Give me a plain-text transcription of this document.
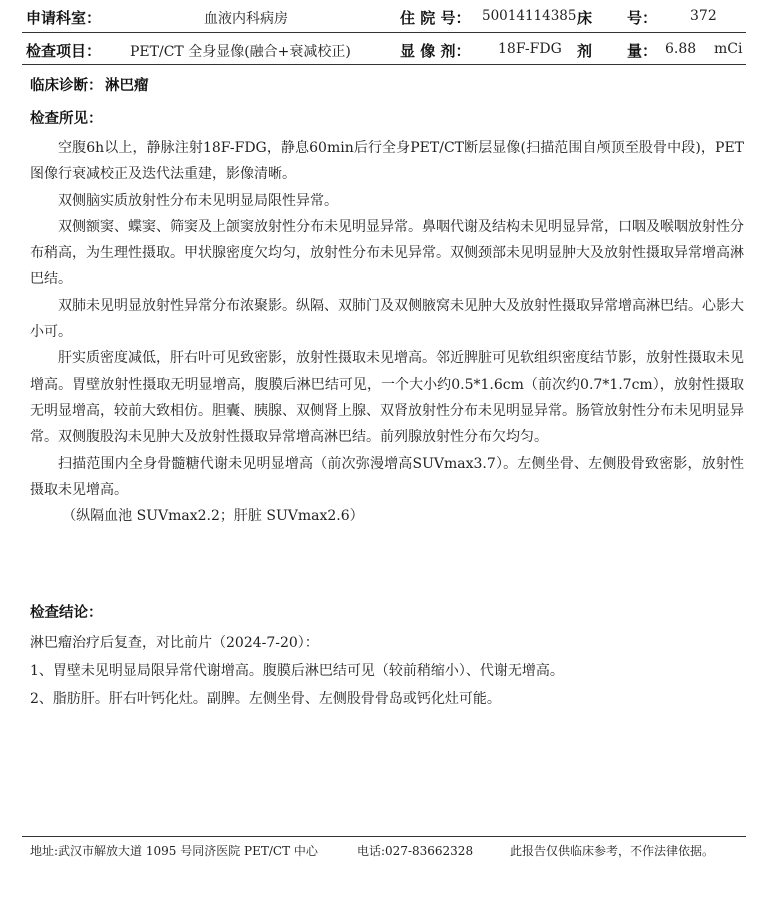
申请科室：	血液内科病房	住 院 号： 50014114385 床 号： 372
检查项目： PET/CT 全身显像(融合+衰减校正)	显 像 剂： 18F-FDG 剂 量： 6.88 mCi
临床诊断： 淋巴瘤
检查所见：

空腹6h以上，静脉注射18F-FDG，静息60min后行全身PET/CT断层显像(扫描范围自颅顶至股骨中段)，PET图像行衰减校正及迭代法重建，影像清晰。

双侧脑实质放射性分布未见明显局限性异常。

双侧额窦、蝶窦、筛窦及上颌窦放射性分布未见明显异常。鼻咽代谢及结构未见明显异常，口咽及喉咽放射性分布稍高，为生理性摄取。甲状腺密度欠均匀，放射性分布未见异常。双侧颈部未见明显肿大及放射性摄取异常增高淋巴结。

双肺未见明显放射性异常分布浓聚影。纵隔、双肺门及双侧腋窝未见肿大及放射性摄取异常增高淋巴结。心影大小可。

肝实质密度减低，肝右叶可见致密影，放射性摄取未见增高。邻近脾脏可见软组织密度结节影，放射性摄取未见增高。胃壁放射性摄取无明显增高，腹膜后淋巴结可见，一个大小约0.5*1.6cm（前次约0.7*1.7cm），放射性摄取无明显增高，较前大致相仿。胆囊、胰腺、双侧肾上腺、双肾放射性分布未见明显异常。肠管放射性分布未见明显异常。双侧腹股沟未见肿大及放射性摄取异常增高淋巴结。前列腺放射性分布欠均匀。

扫描范围内全身骨髓糖代谢未见明显增高（前次弥漫增高SUVmax3.7）。左侧坐骨、左侧股骨致密影，放射性摄取未见增高。

（纵隔血池 SUVmax2.2；肝脏 SUVmax2.6）

检查结论：

淋巴瘤治疗后复查，对比前片（2024-7-20）：

1、胃壁未见明显局限异常代谢增高。腹膜后淋巴结可见（较前稍缩小）、代谢无增高。

2、脂肪肝。肝右叶钙化灶。副脾。左侧坐骨、左侧股骨骨岛或钙化灶可能。

地址:武汉市解放大道 1095 号同济医院 PET/CT 中心	电话:027-83662328	此报告仅供临床参考，不作法律依据。
